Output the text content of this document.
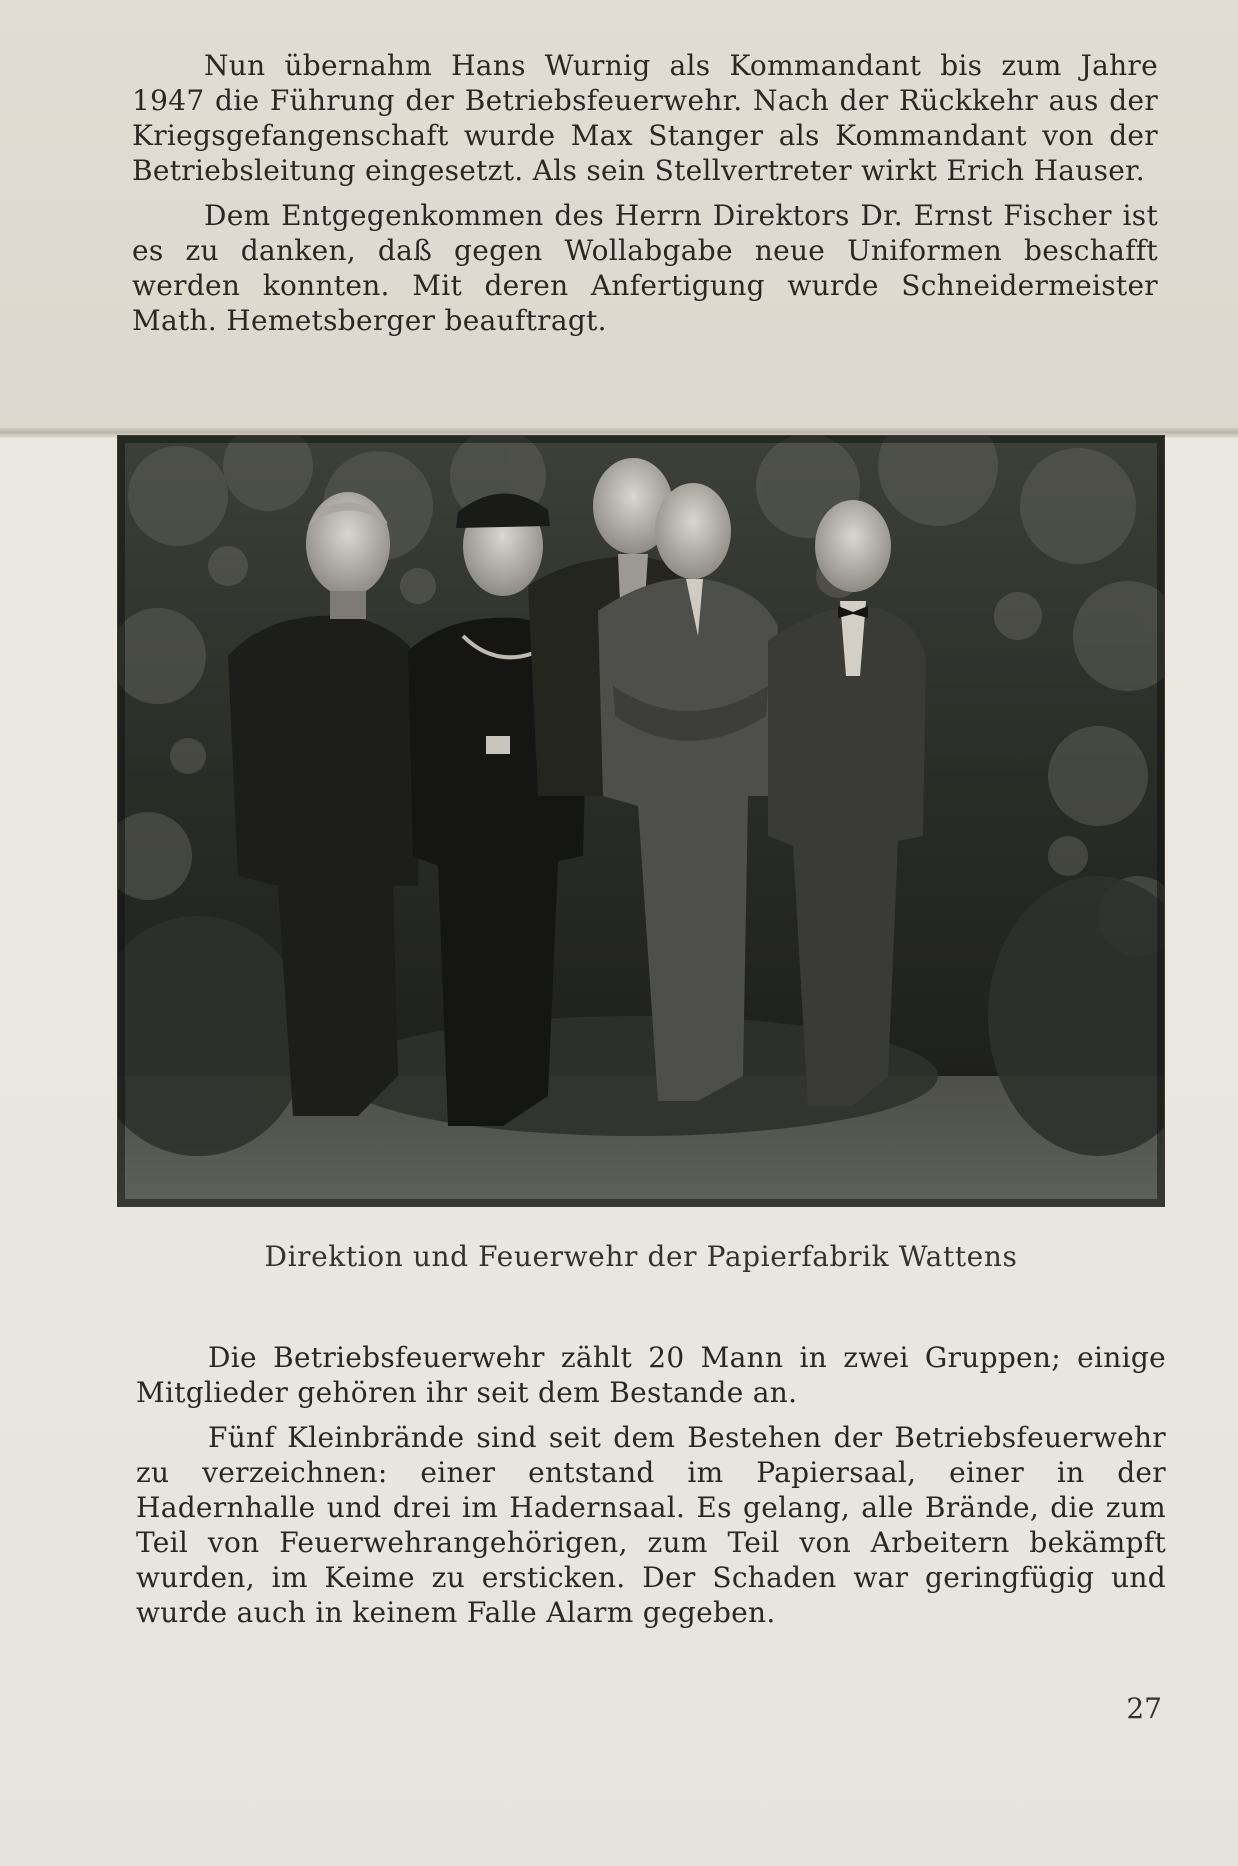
Nun übernahm Hans Wurnig als Kommandant bis zum Jahre 1947 die Führung der Betriebsfeuerwehr. Nach der Rückkehr aus der Kriegsgefangenschaft wurde Max Stanger als Kommandant von der Betriebsleitung eingesetzt. Als sein Stellvertreter wirkt Erich Hauser.

Dem Entgegenkommen des Herrn Direktors Dr. Ernst Fischer ist es zu danken, daß gegen Wollabgabe neue Uniformen beschafft werden konnten. Mit deren Anfertigung wurde Schneidermeister Math. Hemetsberger beauftragt.

Direktion und Feuerwehr der Papierfabrik Wattens

Die Betriebsfeuerwehr zählt 20 Mann in zwei Gruppen; einige Mitglieder gehören ihr seit dem Bestande an.

Fünf Kleinbrände sind seit dem Bestehen der Betriebsfeuerwehr zu verzeichnen: einer entstand im Papiersaal, einer in der Hadernhalle und drei im Hadernsaal. Es gelang, alle Brände, die zum Teil von Feuerwehrangehörigen, zum Teil von Arbeitern bekämpft wurden, im Keime zu ersticken. Der Schaden war geringfügig und wurde auch in keinem Falle Alarm gegeben.

27
